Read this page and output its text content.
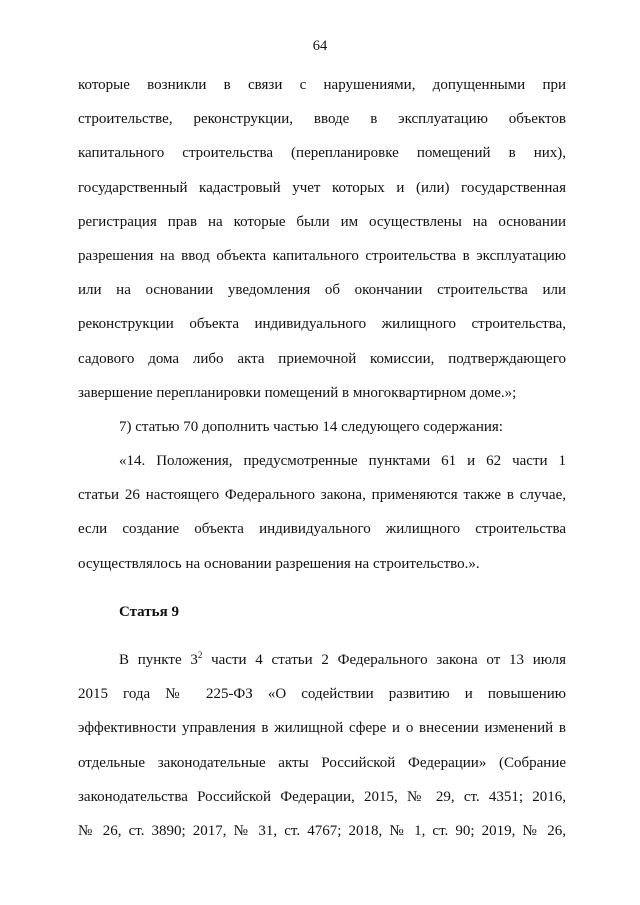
64
которые возникли в связи с нарушениями, допущенными при
строительстве, реконструкции, вводе в эксплуатацию объектов
капитального строительства (перепланировке помещений в них),
государственный кадастровый учет которых и (или) государственная
регистрация прав на которые были им осуществлены на основании
разрешения на ввод объекта капитального строительства в эксплуатацию
или на основании уведомления об окончании строительства или
реконструкции объекта индивидуального жилищного строительства,
садового дома либо акта приемочной комиссии, подтверждающего
завершение перепланировки помещений в многоквартирном доме.»;
7) статью 70 дополнить частью 14 следующего содержания:
«14. Положения, предусмотренные пунктами 61 и 62 части 1
статьи 26 настоящего Федерального закона, применяются также в случае,
если создание объекта индивидуального жилищного строительства
осуществлялось на основании разрешения на строительство.».
Статья 9
В пункте $3^2$ части 4 статьи 2 Федерального закона от 13 июля
2015 года № 225-ФЗ «О содействии развитию и повышению
эффективности управления в жилищной сфере и о внесении изменений в
отдельные законодательные акты Российской Федерации» (Собрание
законодательства Российской Федерации, 2015, № 29, ст. 4351; 2016,
№ 26, ст. 3890; 2017, № 31, ст. 4767; 2018, № 1, ст. 90; 2019, № 26,
